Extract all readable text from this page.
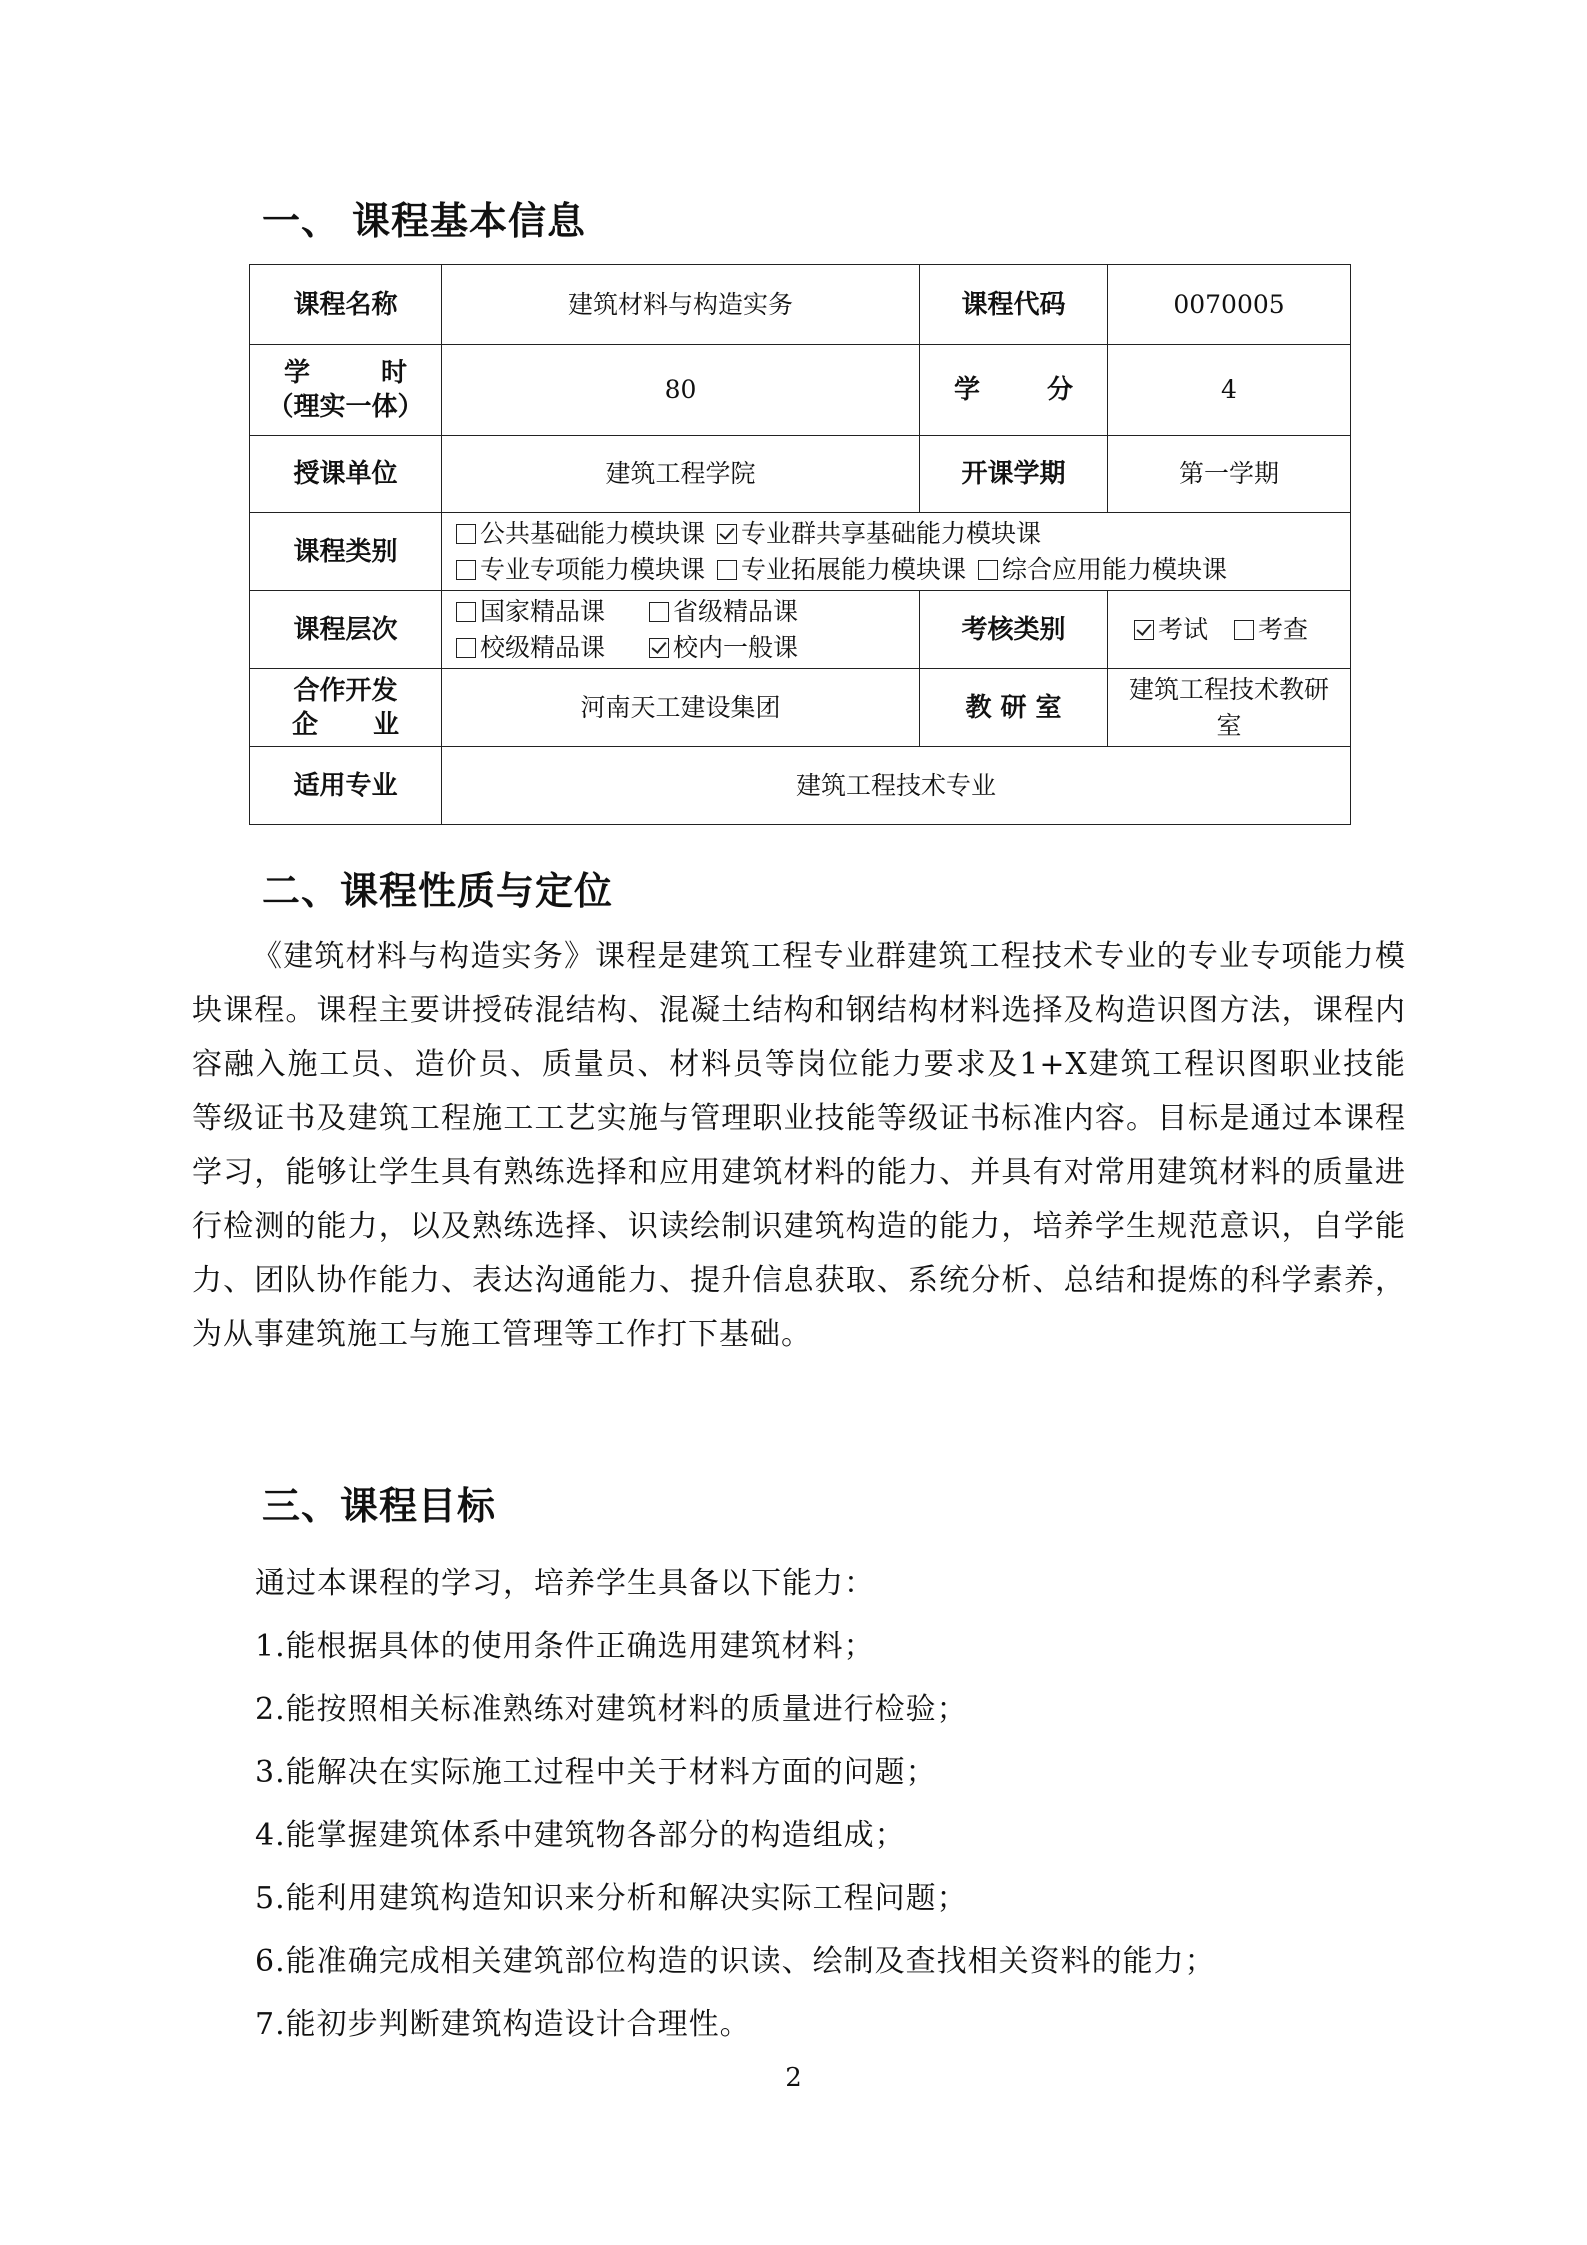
一、 课程基本信息
课程名称	建筑材料与构造实务	课程代码	0070005

学 时
（理实一体）	80	学 分	4
授课单位	建筑工程学院	开课学期	第一学期
课程类别	公共基础能力模块课 专业群共享基础能力模块课
专业专项能力模块课 专业拓展能力模块课 综合应用能力模块课		
课程层次	国家精品课 省级精品课
校级精品课 校内一般课	考核类别	考试 考查
合作开发

企 业	河南天工建设集团	教 研 室	建筑工程技术教研室
适用专业	建筑工程技术专业		
二、课程性质与定位
《建筑材料与构造实务》课程是建筑工程专业群建筑工程技术专业的专业专项能力模块课程。课程主要讲授砖混结构、混凝土结构和钢结构材料选择及构造识图方法，课程内容融入施工员、造价员、质量员、材料员等岗位能力要求及1+X建筑工程识图职业技能等级证书及建筑工程施工工艺实施与管理职业技能等级证书标准内容。目标是通过本课程学习，能够让学生具有熟练选择和应用建筑材料的能力、并具有对常用建筑材料的质量进行检测的能力，以及熟练选择、识读绘制识建筑构造的能力，培养学生规范意识，自学能力、团队协作能力、表达沟通能力、提升信息获取、系统分析、总结和提炼的科学素养，为从事建筑施工与施工管理等工作打下基础。
三、课程目标
通过本课程的学习，培养学生具备以下能力：
1.能根据具体的使用条件正确选用建筑材料；
2.能按照相关标准熟练对建筑材料的质量进行检验；
3.能解决在实际施工过程中关于材料方面的问题；
4.能掌握建筑体系中建筑物各部分的构造组成；
5.能利用建筑构造知识来分析和解决实际工程问题；
6.能准确完成相关建筑部位构造的识读、绘制及查找相关资料的能力；
7.能初步判断建筑构造设计合理性。
2
